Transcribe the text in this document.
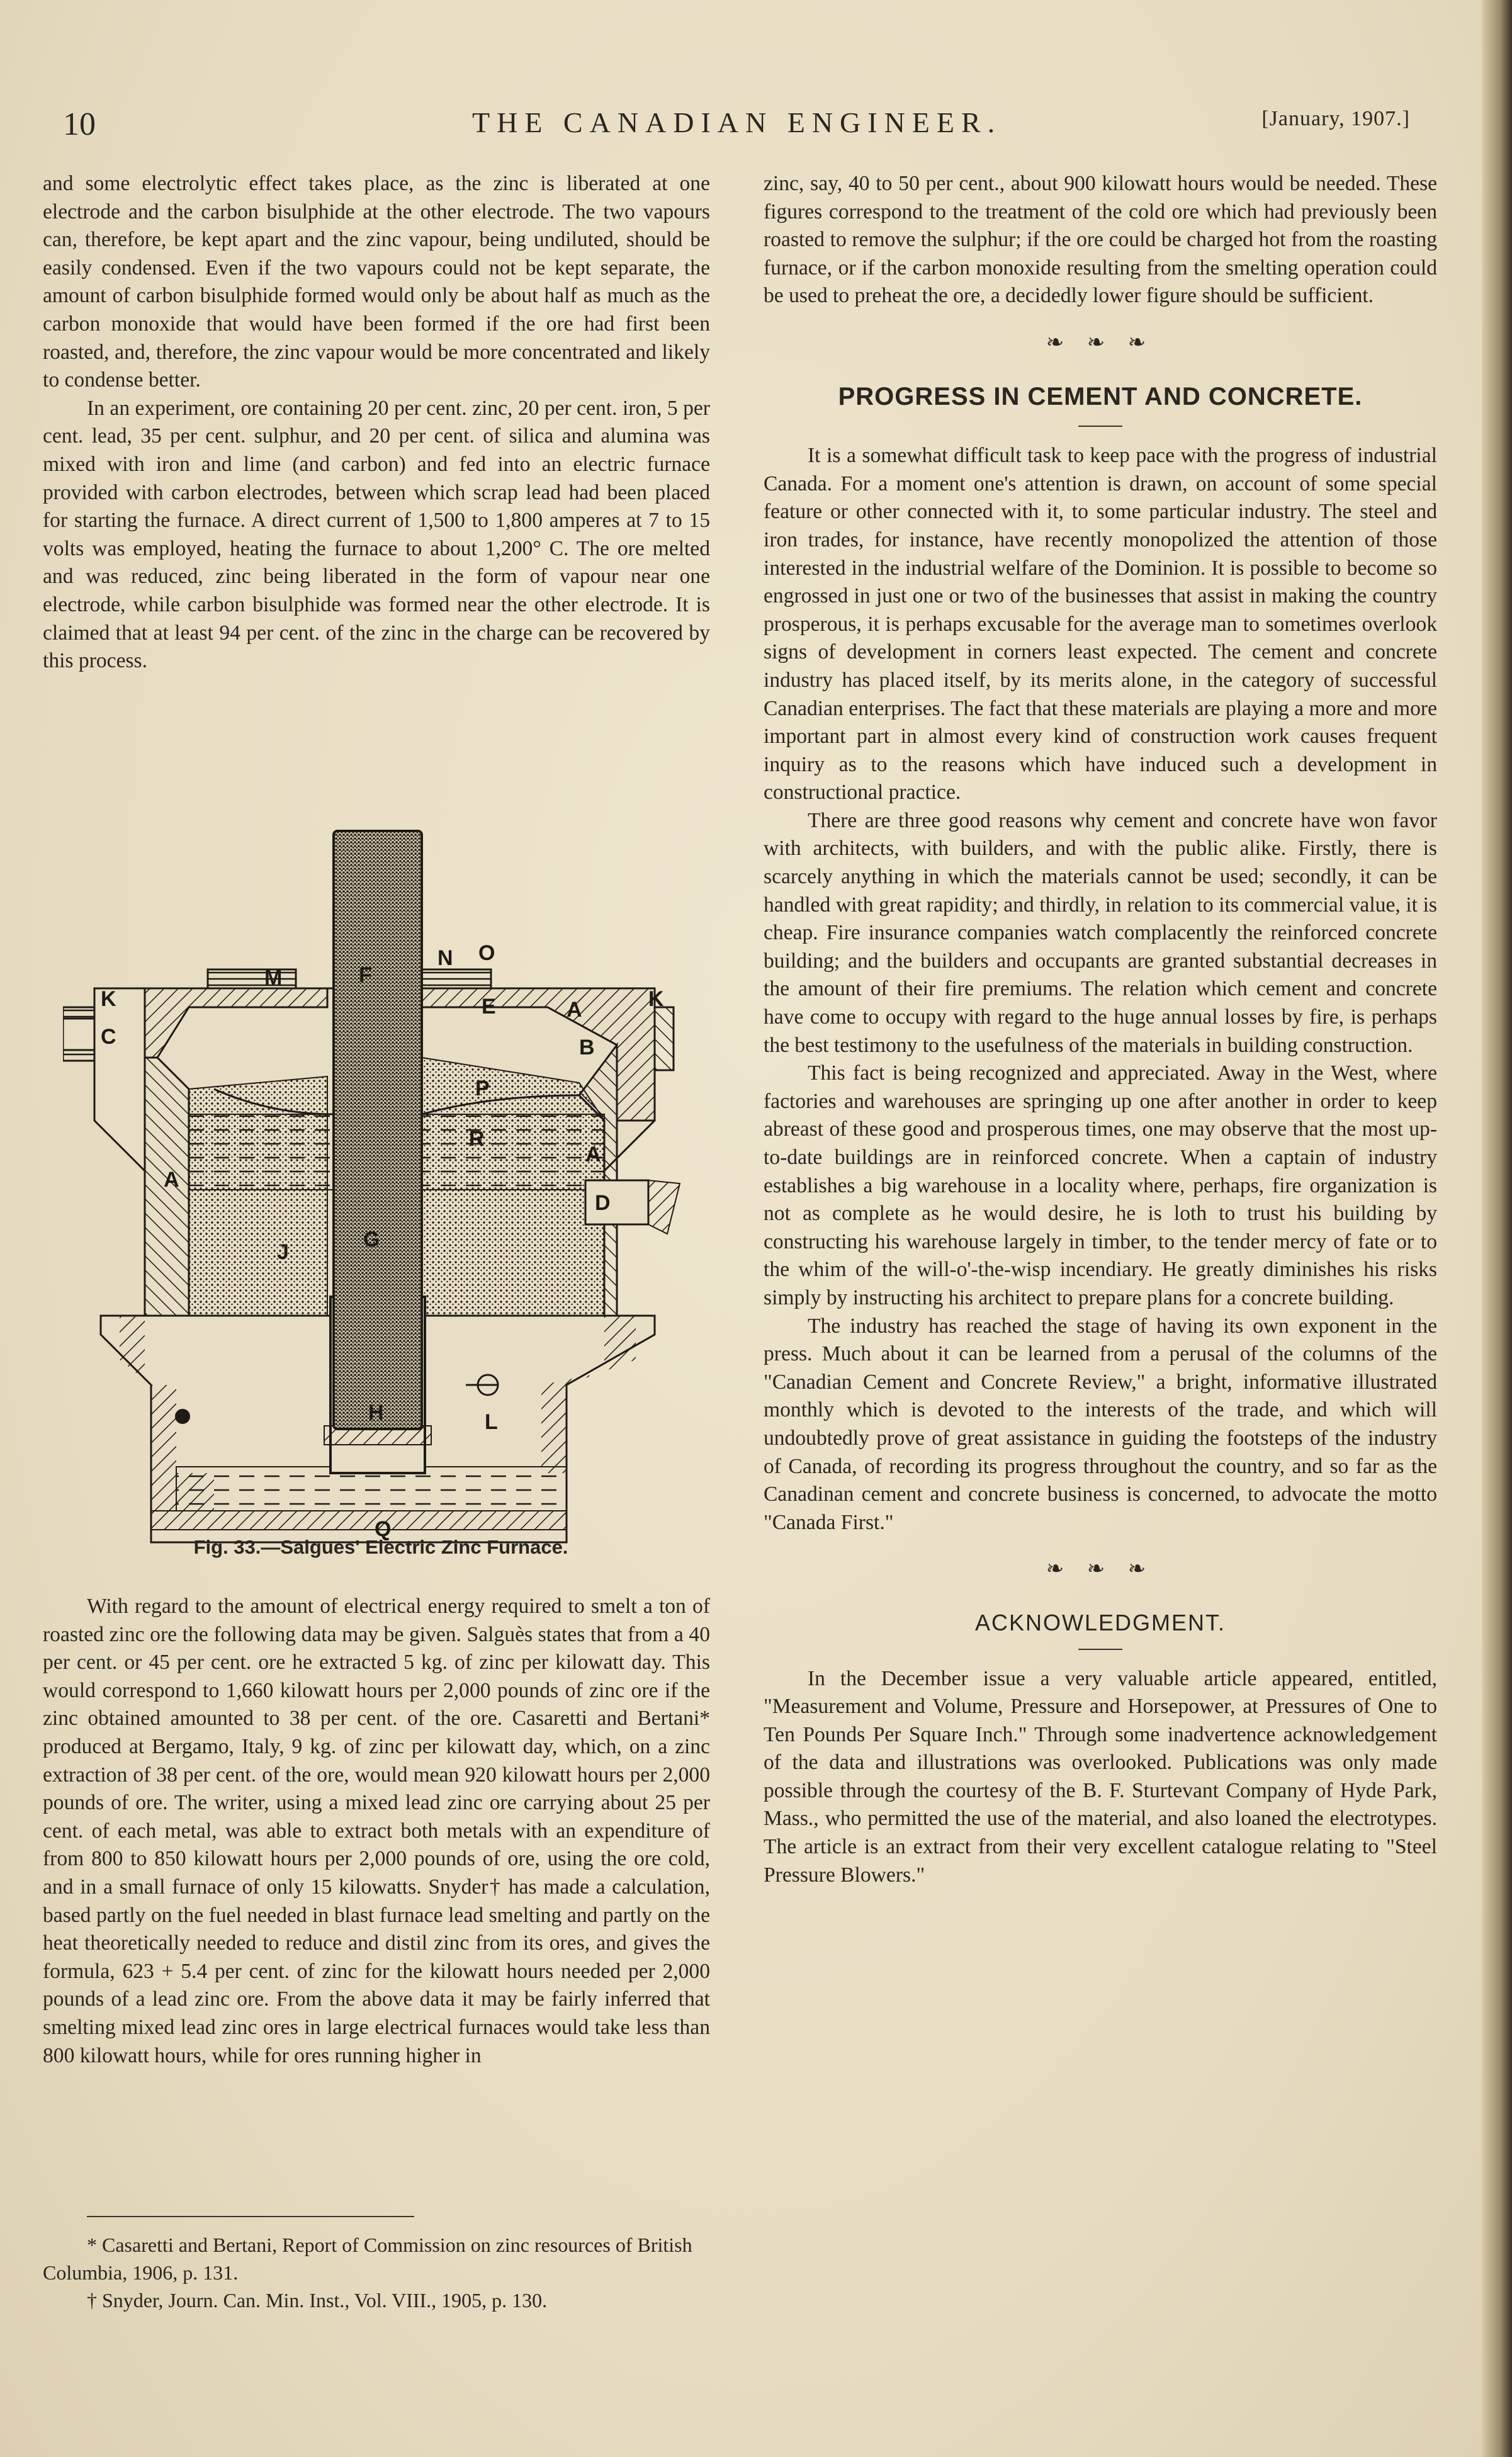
10	THE CANADIAN ENGINEER.	[January, 1907.]

and some electrolytic effect takes place, as the zinc is liberated at one electrode and the carbon bisulphide at the other electrode. The two vapours can, therefore, be kept apart and the zinc vapour, being undiluted, should be easily condensed. Even if the two vapours could not be kept separate, the amount of carbon bisulphide formed would only be about half as much as the carbon monoxide that would have been formed if the ore had first been roasted, and, therefore, the zinc vapour would be more concentrated and likely to condense better.

In an experiment, ore containing 20 per cent. zinc, 20 per cent. iron, 5 per cent. lead, 35 per cent. sulphur, and 20 per cent. of silica and alumina was mixed with iron and lime (and carbon) and fed into an electric furnace provided with carbon electrodes, between which scrap lead had been placed for starting the furnace. A direct current of 1,500 to 1,800 amperes at 7 to 15 volts was employed, heating the furnace to about 1,200° C. The ore melted and was reduced, zinc being liberated in the form of vapour near one electrode, while carbon bisulphide was formed near the other electrode. It is claimed that at least 94 per cent. of the zinc in the charge can be recovered by this process.

M	F
N O
E
K	K
C
A
A
A
B
P
R
D
J
G
L
H
Q
Fig. 33.—Salgues' Electric Zinc Furnace.

With regard to the amount of electrical energy required to smelt a ton of roasted zinc ore the following data may be given. Salguès states that from a 40 per cent. or 45 per cent. ore he extracted 5 kg. of zinc per kilowatt day. This would correspond to 1,660 kilowatt hours per 2,000 pounds of zinc ore if the zinc obtained amounted to 38 per cent. of the ore. Casaretti and Bertani* produced at Bergamo, Italy, 9 kg. of zinc per kilowatt day, which, on a zinc extraction of 38 per cent. of the ore, would mean 920 kilowatt hours per 2,000 pounds of ore. The writer, using a mixed lead zinc ore carrying about 25 per cent. of each metal, was able to extract both metals with an expenditure of from 800 to 850 kilowatt hours per 2,000 pounds of ore, using the ore cold, and in a small furnace of only 15 kilowatts. Snyder† has made a calculation, based partly on the fuel needed in blast furnace lead smelting and partly on the heat theoretically needed to reduce and distil zinc from its ores, and gives the formula, 623 + 5.4 per cent. of zinc for the kilowatt hours needed per 2,000 pounds of a lead zinc ore. From the above data it may be fairly inferred that smelting mixed lead zinc ores in large electrical furnaces would take less than 800 kilowatt hours, while for ores running higher in

* Casaretti and Bertani, Report of Commission on zinc resources of British Columbia, 1906, p. 131.

† Snyder, Journ. Can. Min. Inst., Vol. VIII., 1905, p. 130.

zinc, say, 40 to 50 per cent., about 900 kilowatt hours would be needed. These figures correspond to the treatment of the cold ore which had previously been roasted to remove the sulphur; if the ore could be charged hot from the roasting furnace, or if the carbon monoxide resulting from the smelting operation could be used to preheat the ore, a decidedly lower figure should be sufficient.

❧ ❧ ❧
PROGRESS IN CEMENT AND CONCRETE.

It is a somewhat difficult task to keep pace with the progress of industrial Canada. For a moment one's attention is drawn, on account of some special feature or other connected with it, to some particular industry. The steel and iron trades, for instance, have recently monopolized the attention of those interested in the industrial welfare of the Dominion. It is possible to become so engrossed in just one or two of the businesses that assist in making the country prosperous, it is perhaps excusable for the average man to sometimes overlook signs of development in corners least expected. The cement and concrete industry has placed itself, by its merits alone, in the category of successful Canadian enterprises. The fact that these materials are playing a more and more important part in almost every kind of construction work causes frequent inquiry as to the reasons which have induced such a development in constructional practice.

There are three good reasons why cement and concrete have won favor with architects, with builders, and with the public alike. Firstly, there is scarcely anything in which the materials cannot be used; secondly, it can be handled with great rapidity; and thirdly, in relation to its commercial value, it is cheap. Fire insurance companies watch complacently the reinforced concrete building; and the builders and occupants are granted substantial decreases in the amount of their fire premiums. The relation which cement and concrete have come to occupy with regard to the huge annual losses by fire, is perhaps the best testimony to the usefulness of the materials in building construction.

This fact is being recognized and appreciated. Away in the West, where factories and warehouses are springing up one after another in order to keep abreast of these good and prosperous times, one may observe that the most up-to-date buildings are in reinforced concrete. When a captain of industry establishes a big warehouse in a locality where, perhaps, fire organization is not as complete as he would desire, he is loth to trust his building by constructing his warehouse largely in timber, to the tender mercy of fate or to the whim of the will-o'-the-wisp incendiary. He greatly diminishes his risks simply by instructing his architect to prepare plans for a concrete building.

The industry has reached the stage of having its own exponent in the press. Much about it can be learned from a perusal of the columns of the "Canadian Cement and Concrete Review," a bright, informative illustrated monthly which is devoted to the interests of the trade, and which will undoubtedly prove of great assistance in guiding the footsteps of the industry of Canada, of recording its progress throughout the country, and so far as the Canadinan cement and concrete business is concerned, to advocate the motto "Canada First."

❧ ❧ ❧
ACKNOWLEDGMENT.

In the December issue a very valuable article appeared, entitled, "Measurement and Volume, Pressure and Horsepower, at Pressures of One to Ten Pounds Per Square Inch." Through some inadvertence acknowledgement of the data and illustrations was overlooked. Publications was only made possible through the courtesy of the B. F. Sturtevant Company of Hyde Park, Mass., who permitted the use of the material, and also loaned the electrotypes. The article is an extract from their very excellent catalogue relating to "Steel Pressure Blowers."
